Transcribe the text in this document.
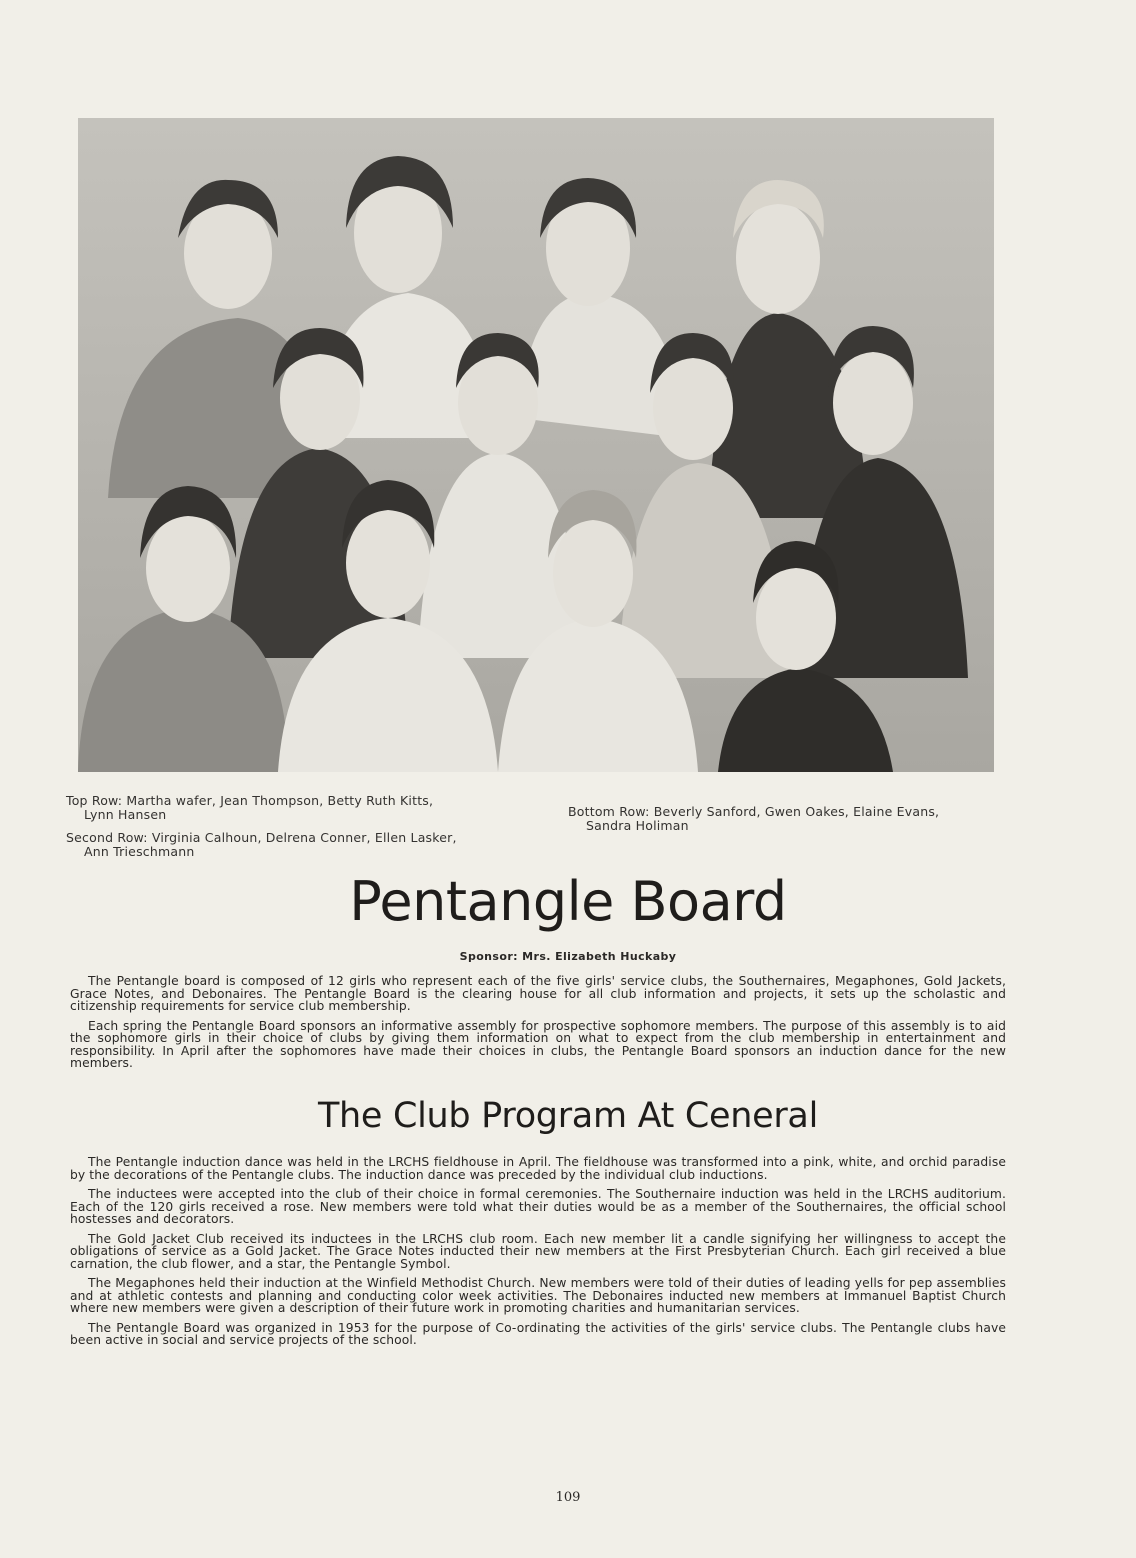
Top Row: Martha wafer, Jean Thompson, Betty Ruth Kitts,
Lynn Hansen

Second Row: Virginia Calhoun, Delrena Conner, Ellen Lasker,
Ann Trieschmann

Bottom Row: Beverly Sanford, Gwen Oakes, Elaine Evans,
Sandra Holiman

Pentangle Board
Sponsor: Mrs. Elizabeth Huckaby

The Pentangle board is composed of 12 girls who represent each of the five girls' service clubs, the Southernaires, Megaphones, Gold Jackets, Grace Notes, and Debonaires. The Pentangle Board is the clearing house for all club information and projects, it sets up the scholastic and citizenship requirements for service club membership.

Each spring the Pentangle Board sponsors an informative assembly for prospective sophomore members. The purpose of this assembly is to aid the sophomore girls in their choice of clubs by giving them information on what to expect from the club membership in entertainment and responsibility. In April after the sophomores have made their choices in clubs, the Pentangle Board sponsors an induction dance for the new members.

The Club Program At Ceneral

The Pentangle induction dance was held in the LRCHS fieldhouse in April. The fieldhouse was transformed into a pink, white, and orchid paradise by the decorations of the Pentangle clubs. The induction dance was preceded by the individual club inductions.

The inductees were accepted into the club of their choice in formal ceremonies. The Southernaire induction was held in the LRCHS auditorium. Each of the 120 girls received a rose. New members were told what their duties would be as a member of the Southernaires, the official school hostesses and decorators.

The Gold Jacket Club received its inductees in the LRCHS club room. Each new member lit a candle signifying her willingness to accept the obligations of service as a Gold Jacket. The Grace Notes inducted their new members at the First Presbyterian Church. Each girl received a blue carnation, the club flower, and a star, the Pentangle Symbol.

The Megaphones held their induction at the Winfield Methodist Church. New members were told of their duties of leading yells for pep assemblies and at athletic contests and planning and conducting color week activities. The Debonaires inducted new members at Immanuel Baptist Church where new members were given a description of their future work in promoting charities and humanitarian services.

The Pentangle Board was organized in 1953 for the purpose of Co-ordinating the activities of the girls' service clubs. The Pentangle clubs have been active in social and service projects of the school.

109
